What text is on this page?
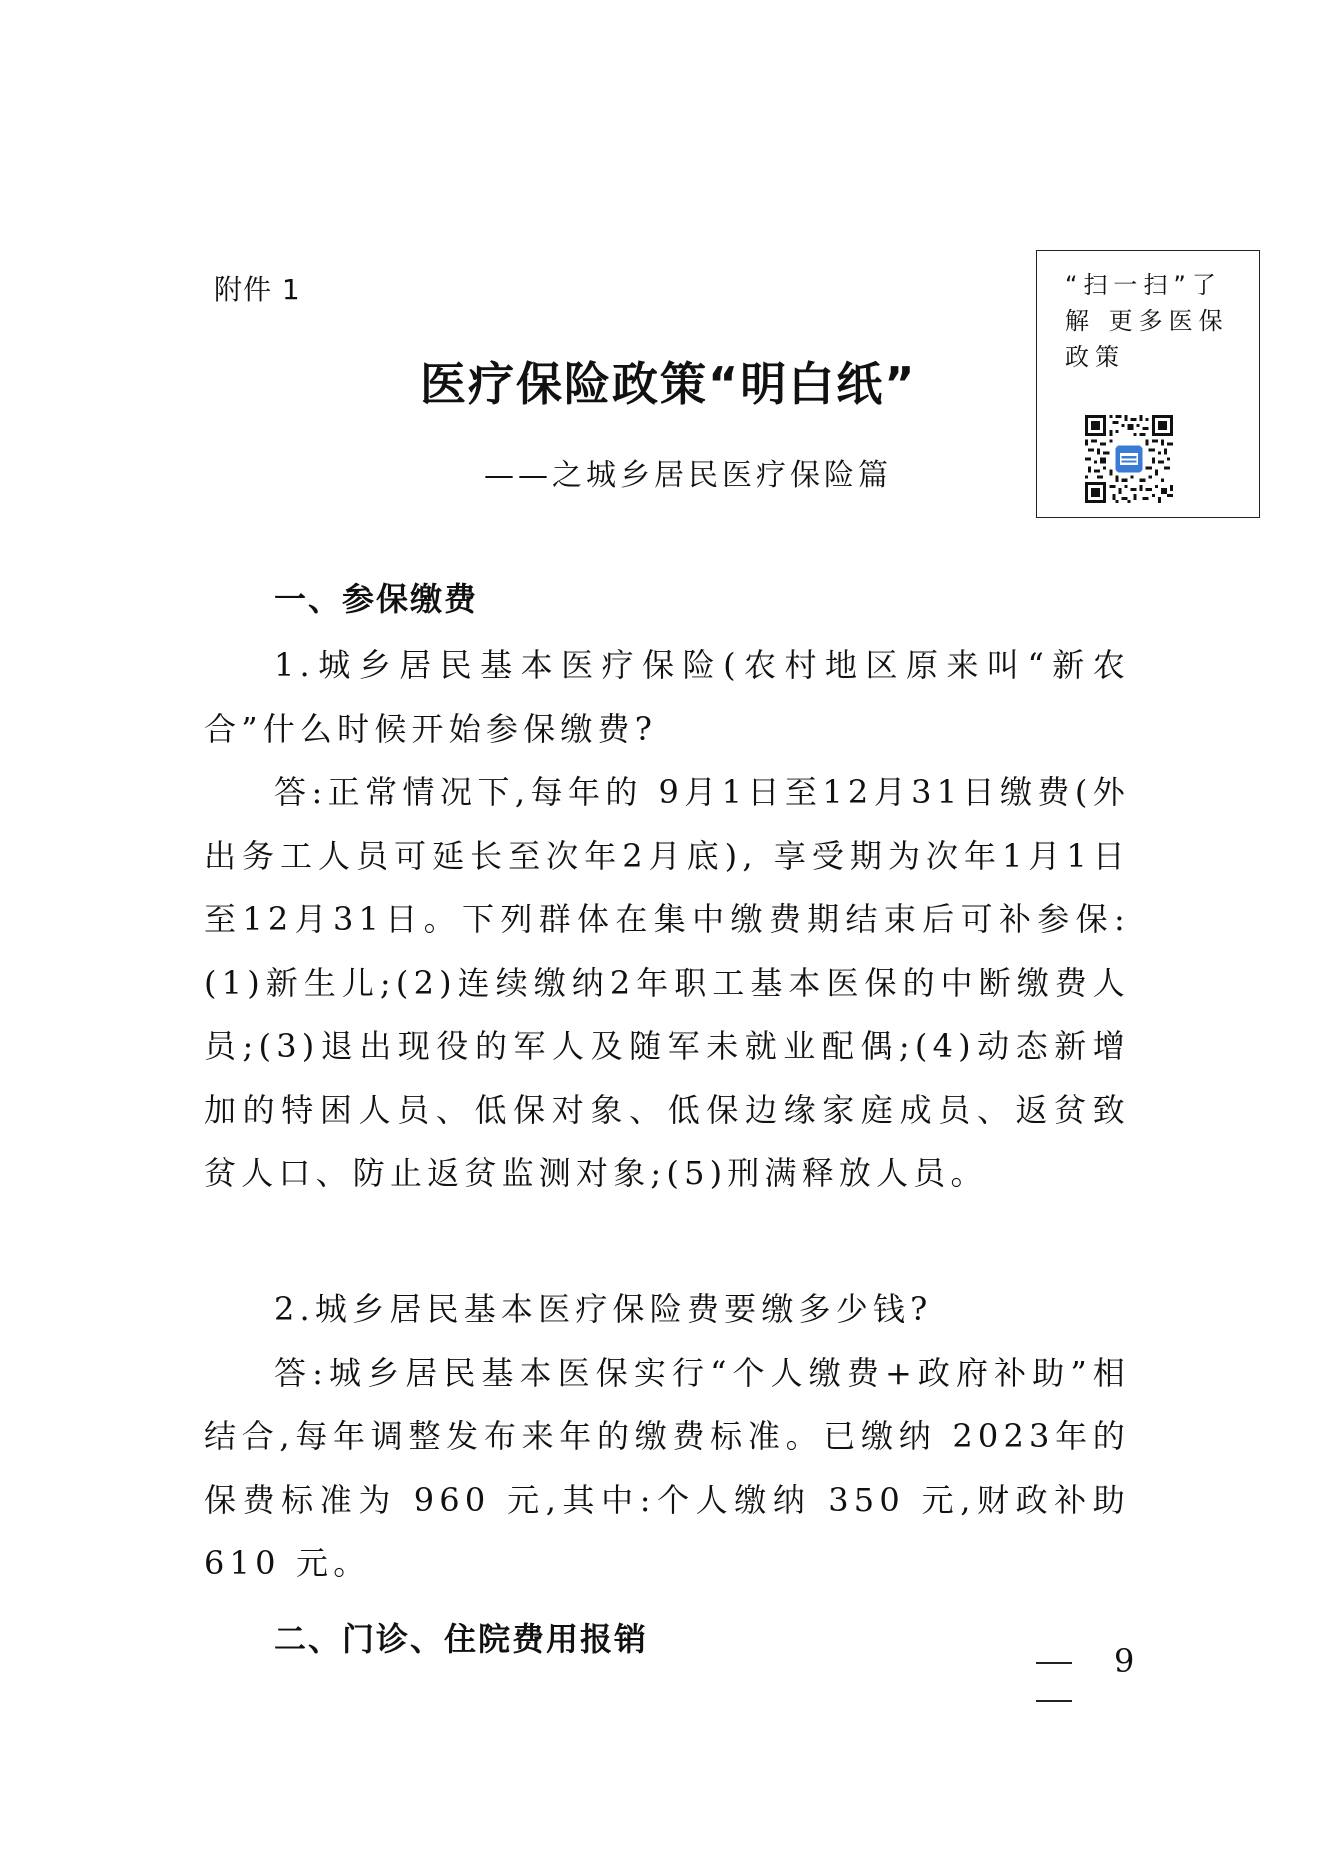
附件 1
医疗保险政策“明白纸”
——之城乡居民医疗保险篇
“扫一扫”了解 更多医保政策
一、参保缴费

1.城乡居民基本医疗保险(农村地区原来叫“新农合”什么时候开始参保缴费?

答:正常情况下,每年的 9月1日至12月31日缴费(外出务工人员可延长至次年2月底), 享受期为次年1月1日至12月31日。下列群体在集中缴费期结束后可补参保:(1)新生儿;(2)连续缴纳2年职工基本医保的中断缴费人员;(3)退出现役的军人及随军未就业配偶;(4)动态新增加的特困人员、低保对象、低保边缘家庭成员、返贫致贫人口、防止返贫监测对象;(5)刑满释放人员。

2.城乡居民基本医疗保险费要缴多少钱?

答:城乡居民基本医保实行“个人缴费+政府补助”相结合,每年调整发布来年的缴费标准。已缴纳 2023年的保费标准为 960 元,其中:个人缴纳 350 元,财政补助 610 元。

二、门诊、住院费用报销
9
